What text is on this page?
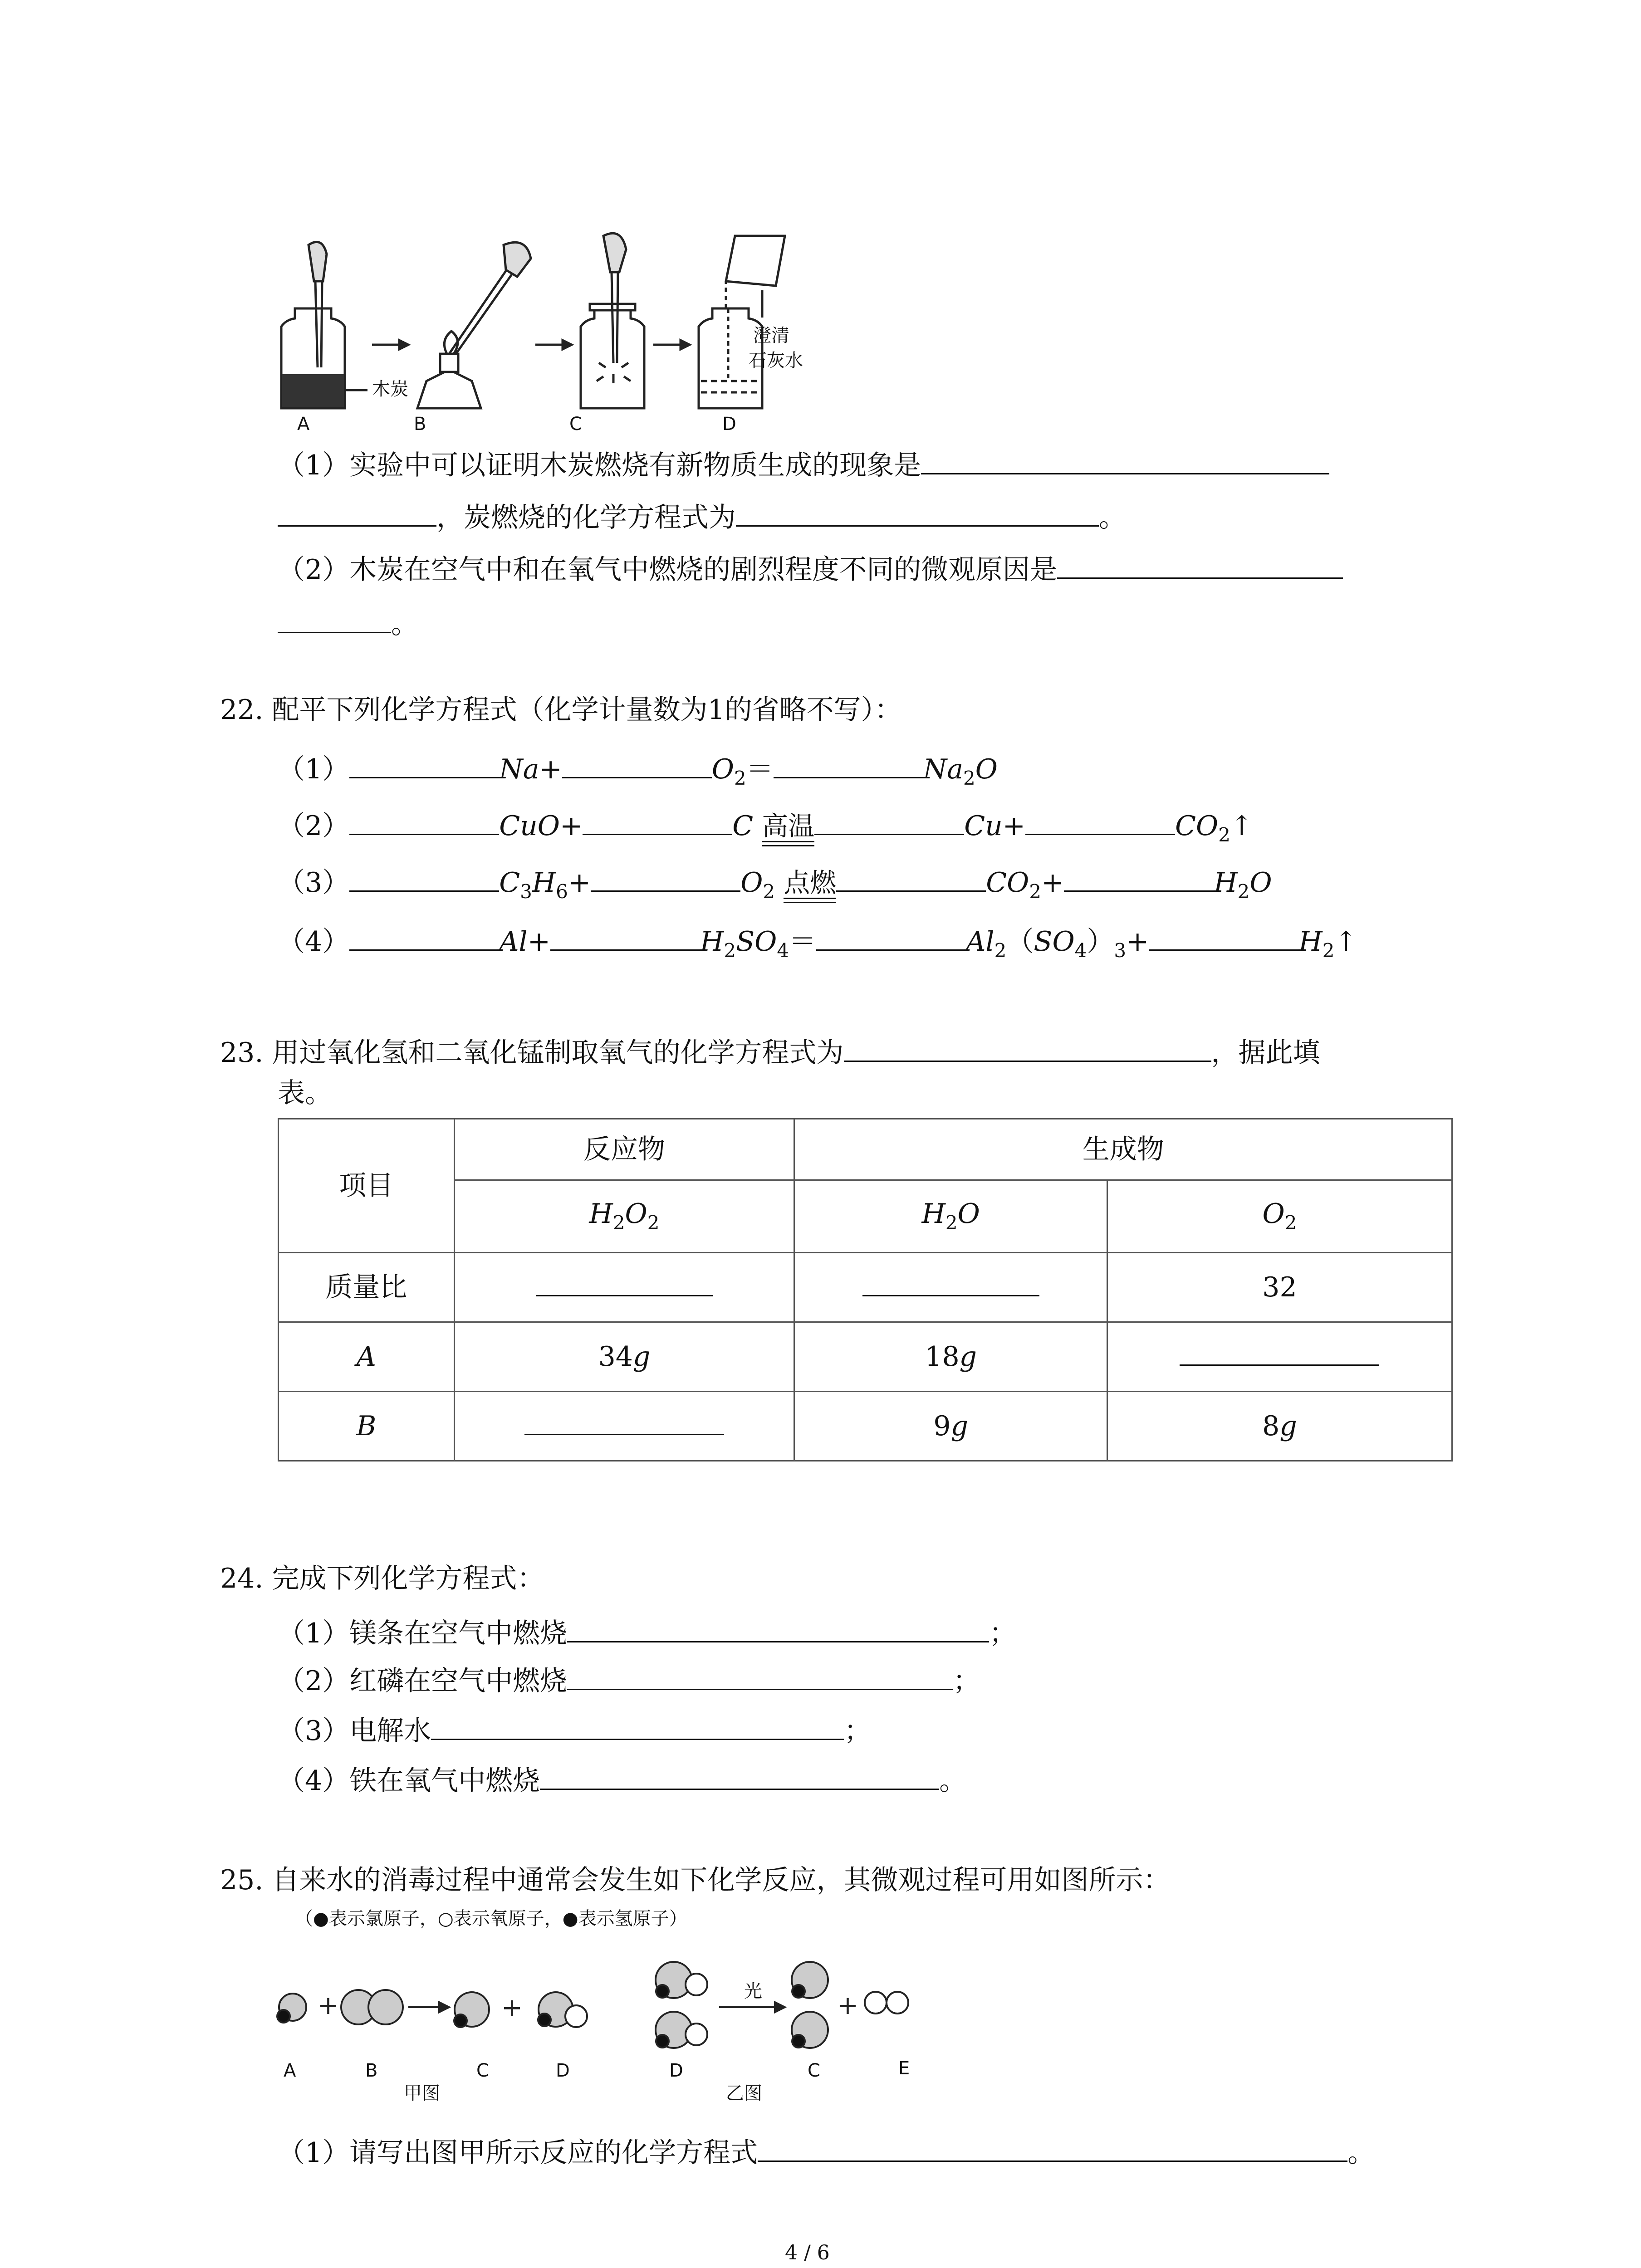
木炭
澄清
石灰水
A	B	C	D
（1）实验中可以证明木炭燃烧有新物质生成的现象是
，炭燃烧的化学方程式为	。
（2）木炭在空气中和在氧气中燃烧的剧烈程度不同的微观原因是
。
22. 配平下列化学方程式（化学计量数为1的省略不写）：
（1）	Na+	$O_2=$	$Na_2O$
（2）	CuO+	C 高温	Cu+	$CO_2↑$
（3）	$C_3H_6+$	$O_2$ 点燃	$CO_2+$	$H_2O$
（4）	Al+	$H_2SO_4=$	$Al_2(SO_4)_3+$	$H_2↑$
23. 用过氧化氢和二氧化锰制取氧气的化学方程式为	，据此填
表。
项目	反应物	生成物	
	$H_2O_2$	$H_2O$	$O_2$
质量比			32
A	34g	18g	
B		9g	8g
24. 完成下列化学方程式：
（1）镁条在空气中燃烧	；
（2）红磷在空气中燃烧	；
（3）电解水	；
（4）铁在氧气中燃烧	。
25. 自来水的消毒过程中通常会发生如下化学反应，其微观过程可用如图所示：
（●表示氯原子，○表示氧原子，●表示氢原子）
+	+	+
光
A	B	C	D	D	C	E
甲图	乙图
（1）请写出图甲所示反应的化学方程式	。
4 / 6
